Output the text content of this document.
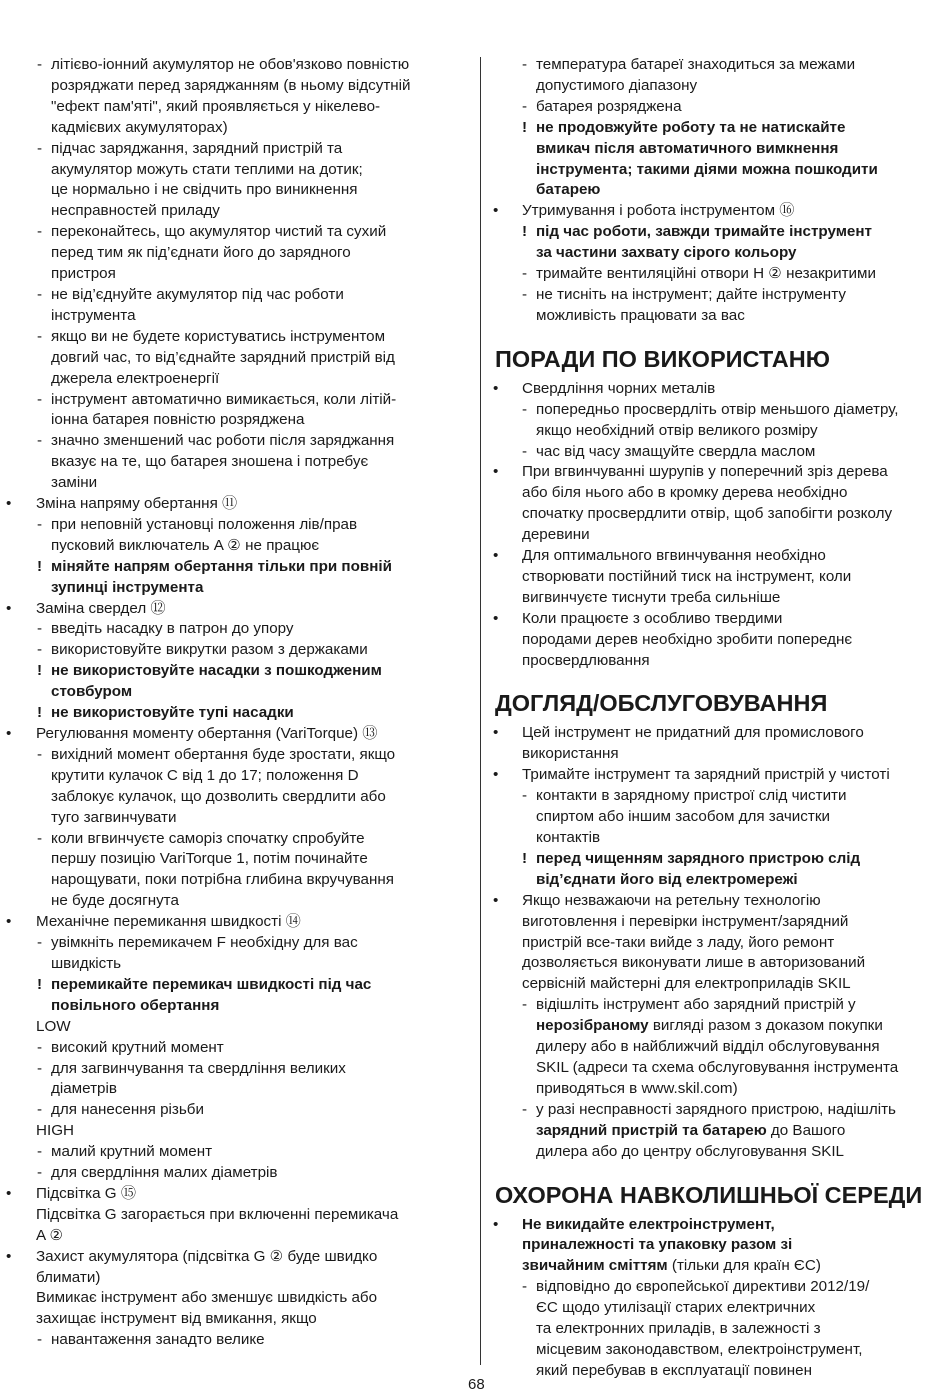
- літієво-іонний акумулятор не обов'язково повністю
розряджати перед заряджанням (в ньому відсутній
"ефект пам'яті", який проявляється у нікелево-
кадмієвих акумуляторах)
- підчас заряджання, зарядний пристрій та
акумулятор можуть стати теплими на дотик;
це нормально і не свідчить про виникнення
несправностей приладу
- переконайтесь, що акумулятор чистий та сухий
перед тим як під’єднати його до зарядного
пристроя
- не від’єднуйте акумулятор під час роботи
інструмента
- якщо ви не будете користуватись інструментом
довгий час, то від’єднайте зарядний пристрій від
джерела електроенергії
- інструмент автоматично вимикається, коли літій-
іонна батарея повністю розряджена
- значно зменшений час роботи після заряджання
вказує на те, що батарея зношена і потребує
заміни
• Зміна напряму обертання ⑪
- при неповній установці положення лів/прав
пусковий виключатель A ② не працює
! міняйте напрям обертання тільки при повній
зупинці інструмента
• Заміна свердел ⑫
- введіть насадку в патрон до упору
- використовуйте викрутки разом з держаками
! не використовуйте насадки з пошкодженим
стовбуром
! не використовуйте тупі насадки
• Регулювання моменту обертання (VariTorque) ⑬
- вихідний момент обертання буде зростати, якщо
крутити кулачок C від 1 до 17; положення D
заблокує кулачок, що дозволить свердлити або
туго загвинчувати
- коли вгвинчуєте саморіз спочатку спробуйте
першу позицію VariTorque 1, потім починайте
нарощувати, поки потрібна глибина вкручування
не буде досягнута
• Механічне перемикання швидкості ⑭
- увімкніть перемикачем F необхідну для вас
швидкість
! перемикайте перемикач швидкості під час
повільного обертання
LOW
- високий крутний момент
- для загвинчування та свердління великих
діаметрів
- для нанесення різьби
HIGH
- малий крутний момент
- для свердління малих діаметрів
• Підсвітка G ⑮
Підсвітка G загорається при включенні перемикача
A ②
• Захист акумулятора (підсвітка G ② буде швидко
блимати)
Вимикає інструмент або зменшує швидкість або
захищає інструмент від вмикання, якщо
- навантаження занадто велике
- температура батареї знаходиться за межами
допустимого діапазону
- батарея розряджена
! не продовжуйте роботу та не натискайте
вмикач після автоматичного вимкнення
інструмента; такими діями можна пошкодити
батарею
• Утримування і робота інструментом ⑯
! під час роботи, завжди тримайте інструмент
за частини захвату сірого кольору
- тримайте вентиляційні отвори H ② незакритими
- не тисніть на інструмент; дайте інструменту
можливість працювати за вас
ПОРАДИ ПО ВИКОРИСТАНЮ
• Свердління чорних металів
- попередньо просвердліть отвір меньшого діаметру,
якщо необхідний отвір великого розміру
- час від часу змащуйте свердла маслом
• При вгвинчуванні шурупів у поперечний зріз дерева
або біля нього або в кромку дерева необхідно
спочатку просвердлити отвір, щоб запобігти розколу
деревини
• Для оптимального вгвинчування необхідно
створювати постійний тиск на інструмент, коли
вигвинчуєте тиснути треба сильніше
• Коли працюєте з особливо твердими
породами дерев необхідно зробити попереднє
просвердлювання
ДОГЛЯД/ОБСЛУГОВУВАННЯ
• Цей інструмент не придатний для промислового
використання
• Тримайте інструмент та зарядний пристрій у чистоті
- контакти в зарядному пристрої слід чистити
спиртом або іншим засобом для зачистки
контактів
! перед чищенням зарядного пристрою слід
від’єднати його від електромережі
• Якщо незважаючи на ретельну технологію
виготовлення і перевірки інструмент/зарядний
пристрій все-таки вийде з ладу, його ремонт
дозволяється виконувати лише в авторизований
сервісній майстерні для електроприладів SKIL
- відішліть інструмент або зарядний пристрій у
нерозібраному вигляді разом з доказом покупки
дилеру або в найближчий відділ обслуговування
SKIL (адреси та схема обслуговування інструмента
приводяться в www.skil.com)
- у разі несправності зарядного пристрою, надішліть
зарядний пристрій та батарею до Вашого
дилера або до центру обслуговування SKIL
ОХОРОНА НАВКОЛИШНЬОЇ СЕРЕДИ
• Не викидайте електроінструмент,
приналежності та упаковку разом зі
звичайним сміттям (тільки для країн ЄС)
- відповідно до європейської директиви 2012/19/
ЄС щодо утилізації старих електричних
та електронних приладів, в залежності з
місцевим законодавством, електроінструмент,
який перебував в експлуатації повинен
68
